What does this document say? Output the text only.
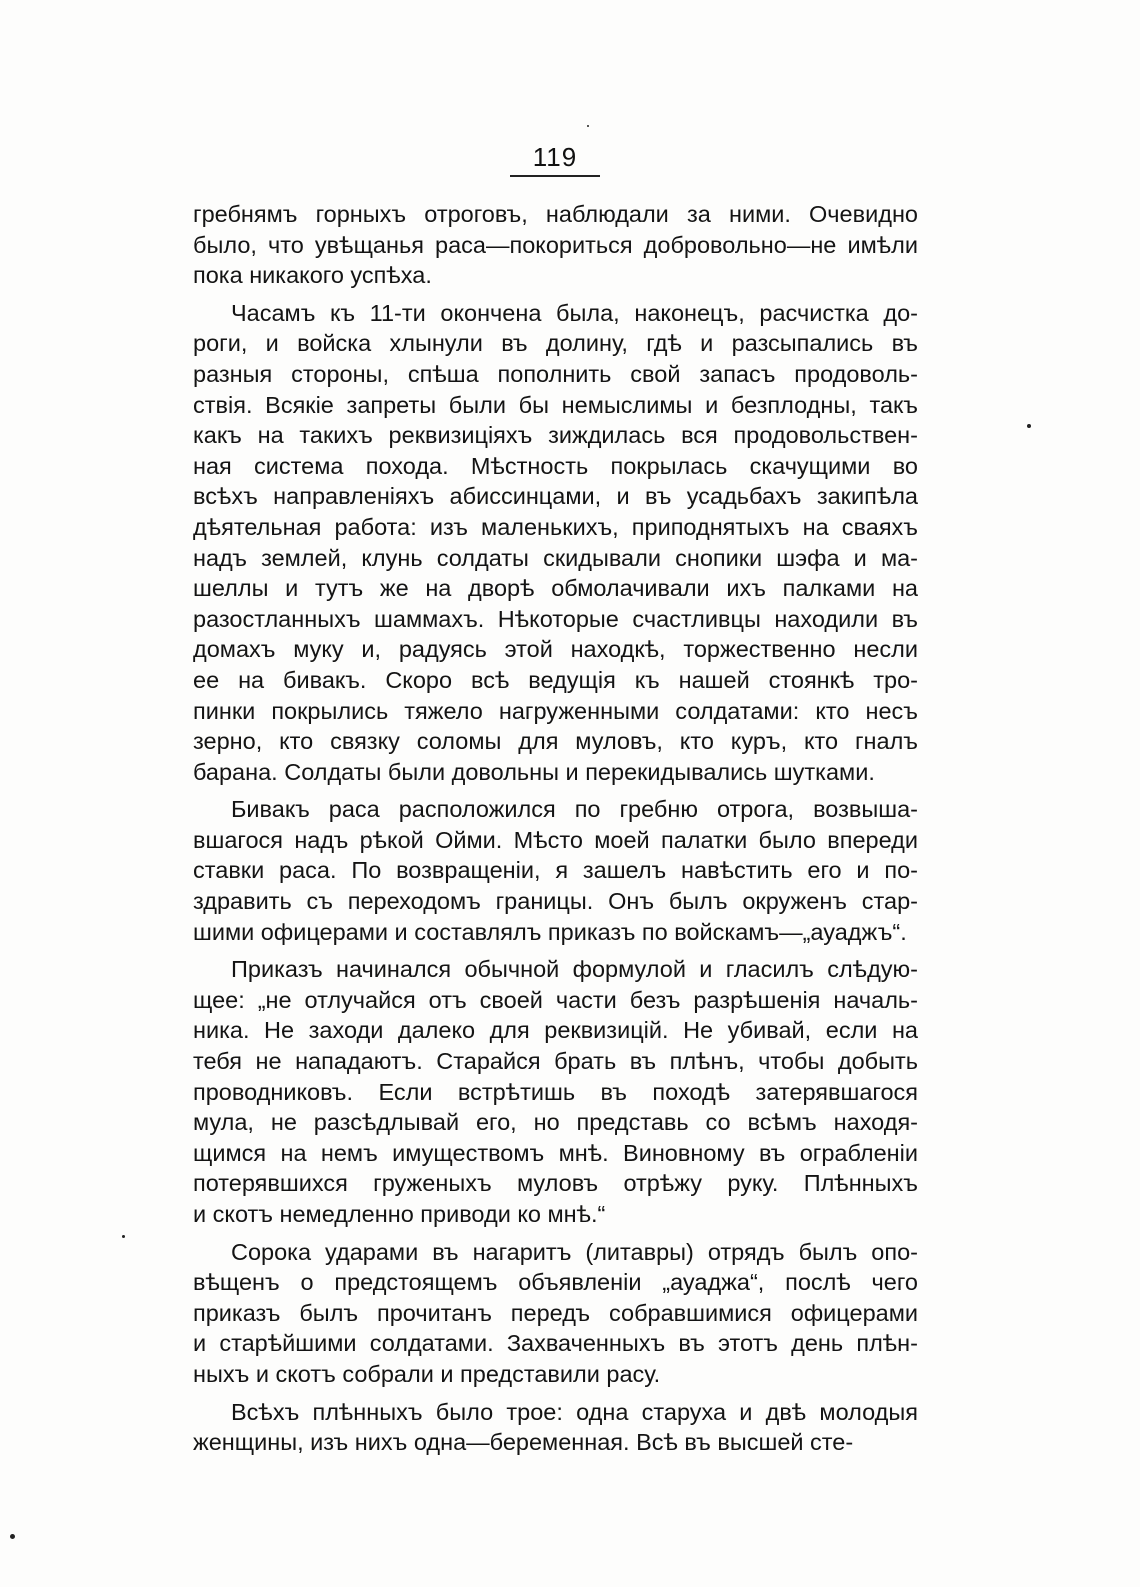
119
гребнямъ горныхъ отроговъ, наблюдали за ними. Очевидно
было, что увѣщанья раса—покориться добровольно—не имѣли
пока никакого успѣха.
Часамъ къ 11-ти окончена была, наконецъ, расчистка до-
роги, и войска хлынули въ долину, гдѣ и разсыпались въ
разныя стороны, спѣша пополнить свой запасъ продоволь-
ствія. Всякіе запреты были бы немыслимы и безплодны, такъ
какъ на такихъ реквизиціяхъ зиждилась вся продовольствен-
ная система похода. Мѣстность покрылась скачущими во
всѣхъ направленіяхъ абиссинцами, и въ усадьбахъ закипѣла
дѣятельная работа: изъ маленькихъ, приподнятыхъ на сваяхъ
надъ землей, клунь солдаты скидывали снопики шэфа и ма-
шеллы и тутъ же на дворѣ обмолачивали ихъ палками на
разостланныхъ шаммахъ. Нѣкоторые счастливцы находили въ
домахъ муку и, радуясь этой находкѣ, торжественно несли
ее на бивакъ. Скоро всѣ ведущія къ нашей стоянкѣ тро-
пинки покрылись тяжело нагруженными солдатами: кто несъ
зерно, кто связку соломы для муловъ, кто куръ, кто гналъ
барана. Солдаты были довольны и перекидывались шутками.
Бивакъ раса расположился по гребню отрога, возвыша-
вшагося надъ рѣкой Ойми. Мѣсто моей палатки было впереди
ставки раса. По возвращеніи, я зашелъ навѣстить его и по-
здравить съ переходомъ границы. Онъ былъ окруженъ стар-
шими офицерами и составлялъ приказъ по войскамъ—„ауаджъ“.
Приказъ начинался обычной формулой и гласилъ слѣдую-
щее: „не отлучайся отъ своей части безъ разрѣшенія началь-
ника. Не заходи далеко для реквизицій. Не убивай, если на
тебя не нападаютъ. Старайся брать въ плѣнъ, чтобы добыть
проводниковъ. Если встрѣтишь въ походѣ затерявшагося
мула, не разсѣдлывай его, но представь со всѣмъ находя-
щимся на немъ имуществомъ мнѣ. Виновному въ ограбленіи
потерявшихся груженыхъ муловъ отрѣжу руку. Плѣнныхъ
и скотъ немедленно приводи ко мнѣ.“
Сорока ударами въ нагаритъ (литавры) отрядъ былъ опо-
вѣщенъ о предстоящемъ объявленіи „ауаджа“, послѣ чего
приказъ былъ прочитанъ передъ собравшимися офицерами
и старѣйшими солдатами. Захваченныхъ въ этотъ день плѣн-
ныхъ и скотъ собрали и представили расу.
Всѣхъ плѣнныхъ было трое: одна старуха и двѣ молодыя
женщины, изъ нихъ одна—беременная. Всѣ въ высшей сте-
